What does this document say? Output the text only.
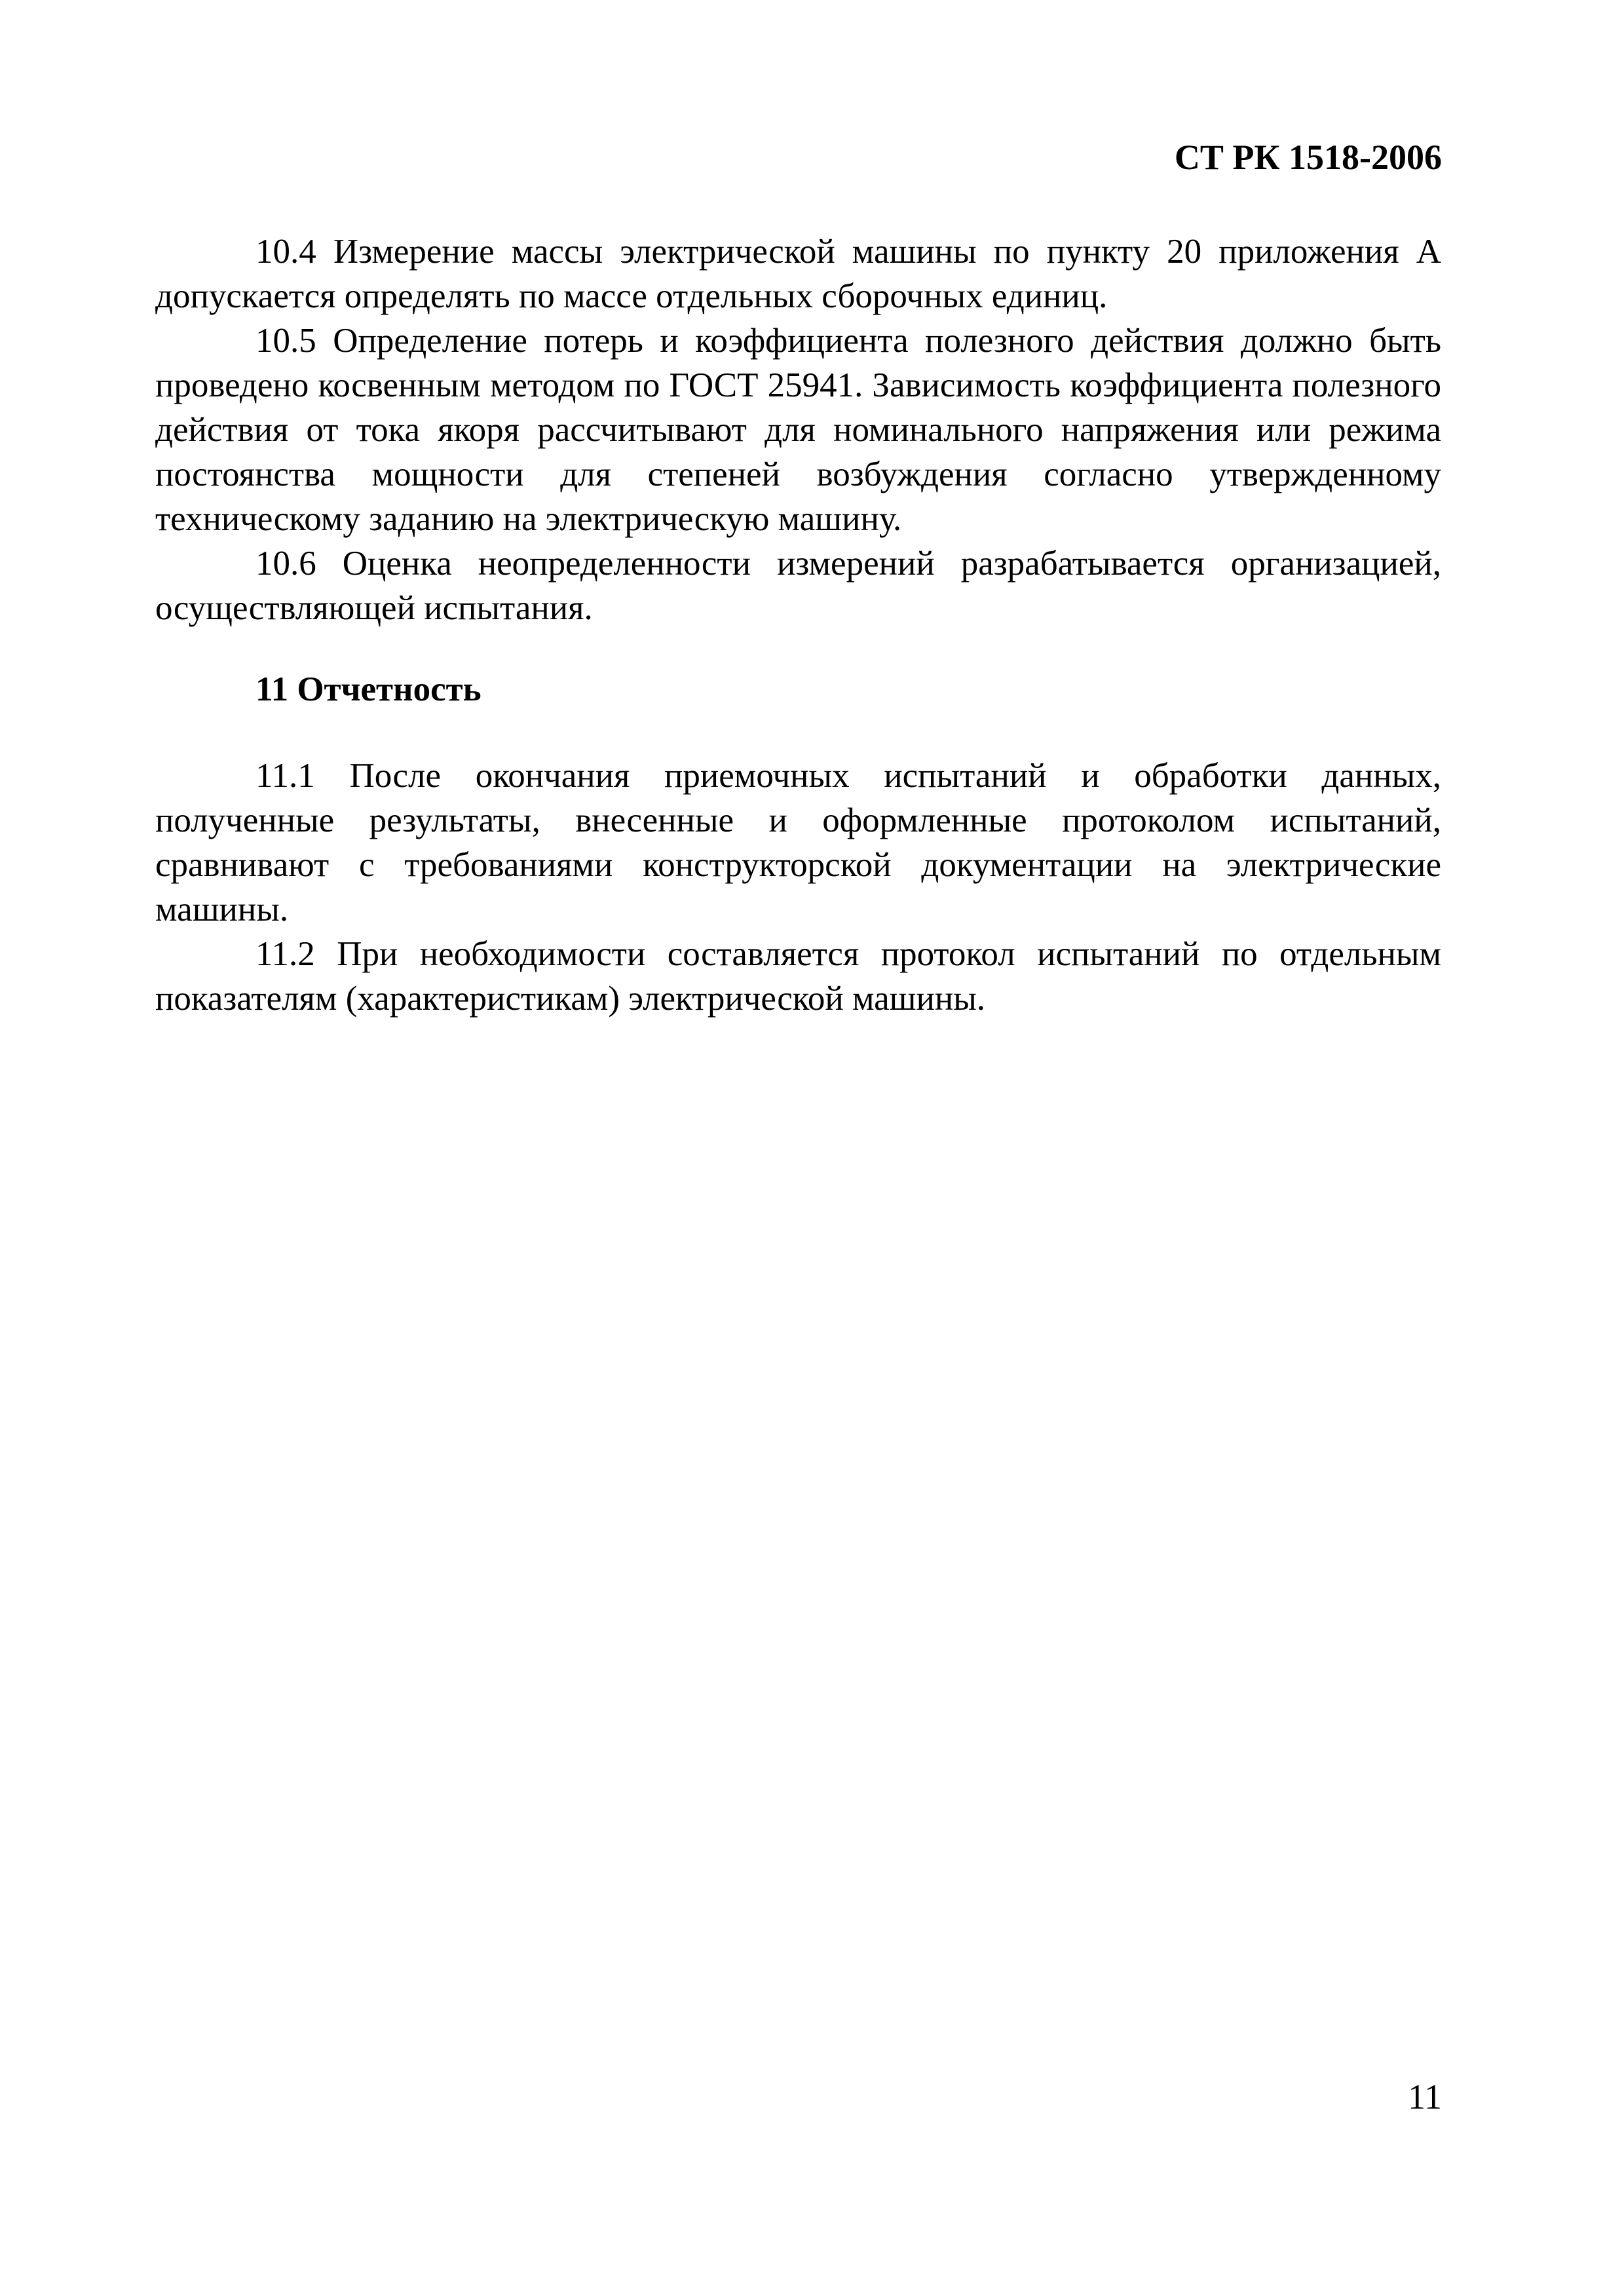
СТ РК 1518-2006

10.4 Измерение массы электрической машины по пункту 20 приложения А допускается определять по массе отдельных сборочных единиц.

10.5 Определение потерь и коэффициента полезного действия должно быть проведено косвенным методом по ГОСТ 25941. Зависимость коэффициента полезного действия от тока якоря рассчитывают для номинального напряжения или режима постоянства мощности для степеней возбуждения согласно утвержденному техническому заданию на электрическую машину.

10.6 Оценка неопределенности измерений разрабатывается организацией, осуществляющей испытания.

11 Отчетность

11.1 После окончания приемочных испытаний и обработки данных, полученные результаты, внесенные и оформленные протоколом испытаний, сравнивают с требованиями конструкторской документации на электрические машины.

11.2 При необходимости составляется протокол испытаний по отдельным показателям (характеристикам) электрической машины.

11
